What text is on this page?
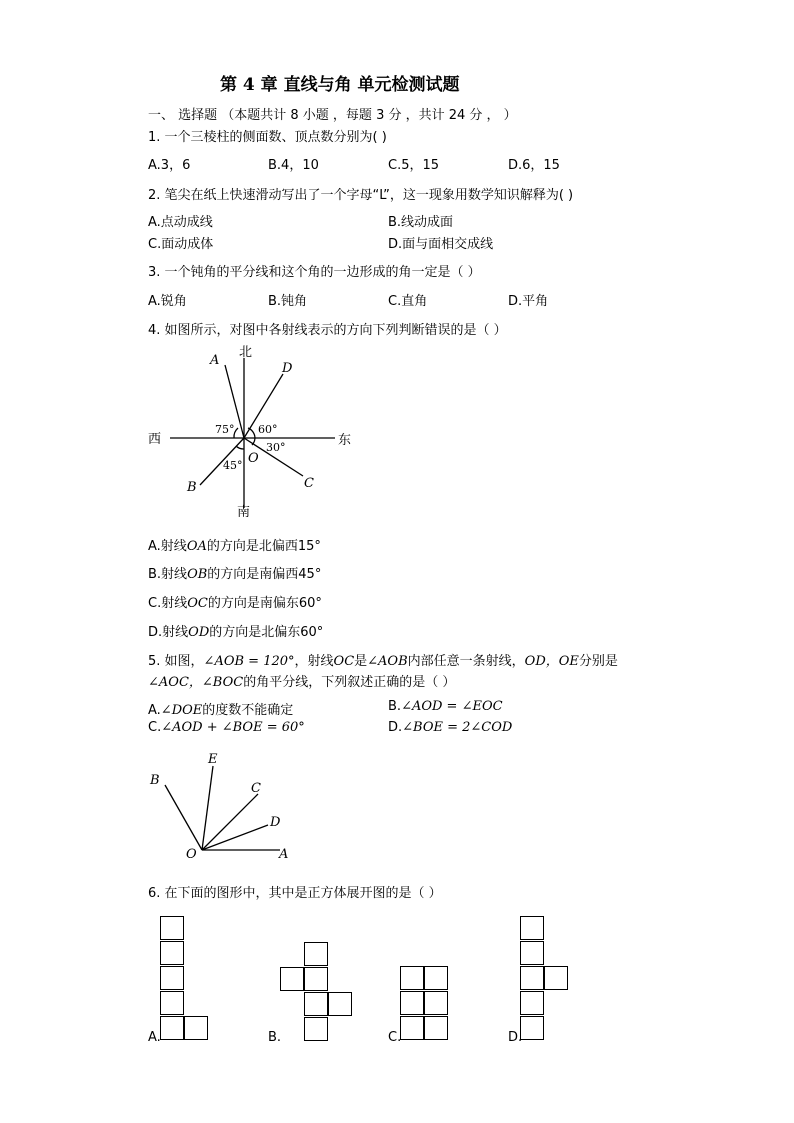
第 4 章 直线与角 单元检测试题
一、 选择题 （本题共计 8 小题 ，每题 3 分 ，共计 24 分 ， ）
1. 一个三棱柱的侧面数、顶点数分别为( )
A.3，6	B.4，10	C.5，15	D.6，15
2. 笔尖在纸上快速滑动写出了一个字母“L”，这一现象用数学知识解释为( )
A.点动成线	B.线动成面
C.面动成体	D.面与面相交成线
3. 一个钝角的平分线和这个角的一边形成的角一定是（ ）
A.锐角	B.钝角	C.直角	D.平角
4. 如图所示，对图中各射线表示的方向下列判断错误的是（ ）
北
西	东
南
A
D
C
B
O
75° 60°
30°
45°
A.射线OA的方向是北偏西15°
B.射线OB的方向是南偏西45°
C.射线OC的方向是南偏东60°
D.射线OD的方向是北偏东60°
5. 如图，∠AOB = 120°，射线OC是∠AOB内部任意一条射线，OD，OE分别是
∠AOC，∠BOC的角平分线，下列叙述正确的是（ ）
A.∠DOE的度数不能确定	B.∠AOD = ∠EOC
C.∠AOD + ∠BOE = 60°	D.∠BOE = 2∠COD
B
E
C
D
O	A
6. 在下面的图形中，其中是正方体展开图的是（ ）
A.	B.	C.	D.
